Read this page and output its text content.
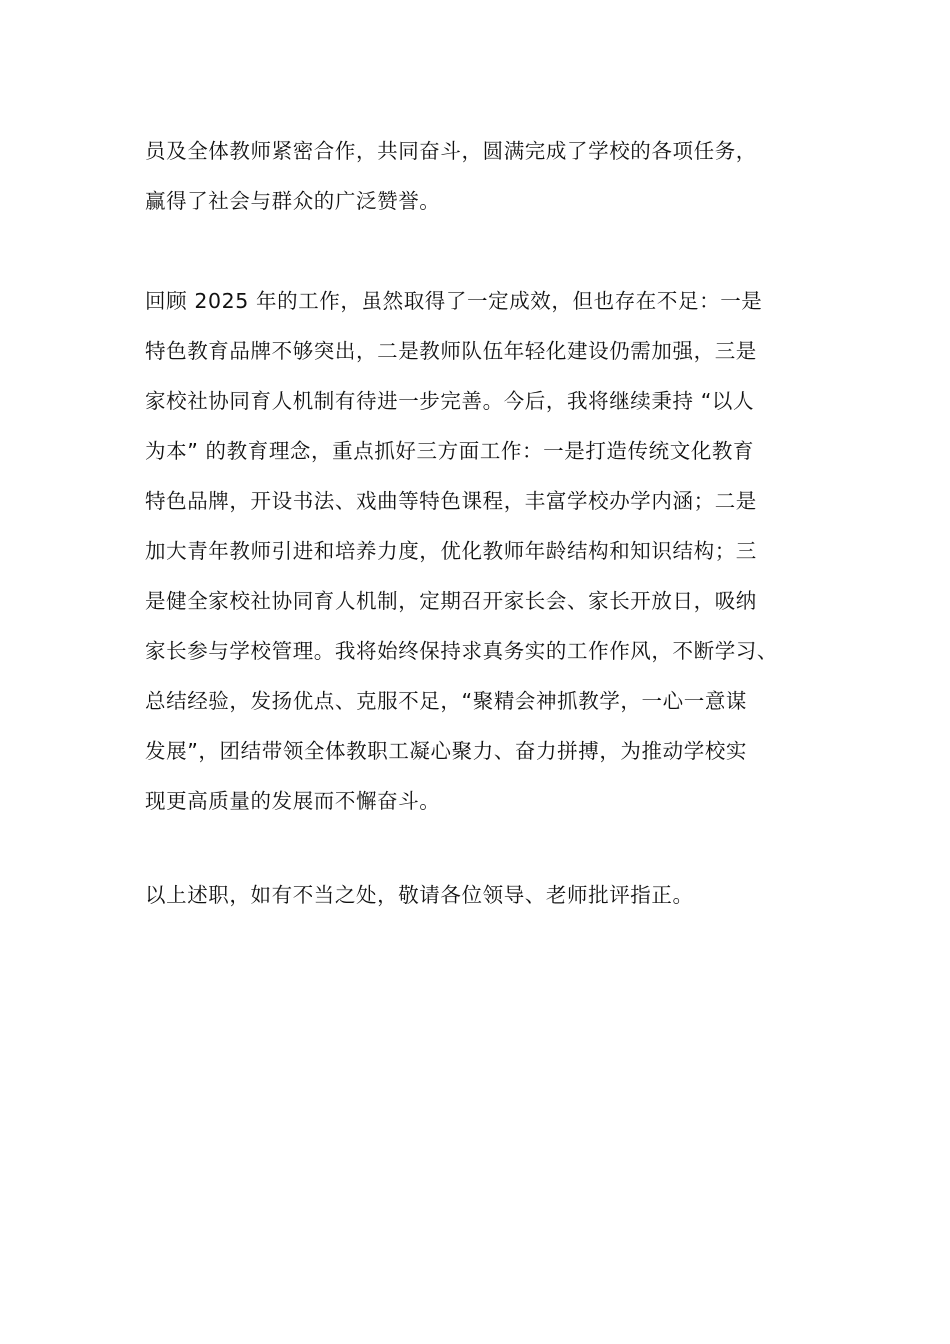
员及全体教师紧密合作，共同奋斗，圆满完成了学校的各项任务，
赢得了社会与群众的广泛赞誉。
回顾 2025 年的工作，虽然取得了一定成效，但也存在不足：一是
特色教育品牌不够突出，二是教师队伍年轻化建设仍需加强，三是
家校社协同育人机制有待进一步完善。今后，我将继续秉持 “以人
为本” 的教育理念，重点抓好三方面工作：一是打造传统文化教育
特色品牌，开设书法、戏曲等特色课程，丰富学校办学内涵；二是
加大青年教师引进和培养力度，优化教师年龄结构和知识结构；三
是健全家校社协同育人机制，定期召开家长会、家长开放日，吸纳
家长参与学校管理。我将始终保持求真务实的工作作风，不断学习、
总结经验，发扬优点、克服不足，“聚精会神抓教学，一心一意谋
发展”，团结带领全体教职工凝心聚力、奋力拼搏，为推动学校实
现更高质量的发展而不懈奋斗。
以上述职，如有不当之处，敬请各位领导、老师批评指正。
